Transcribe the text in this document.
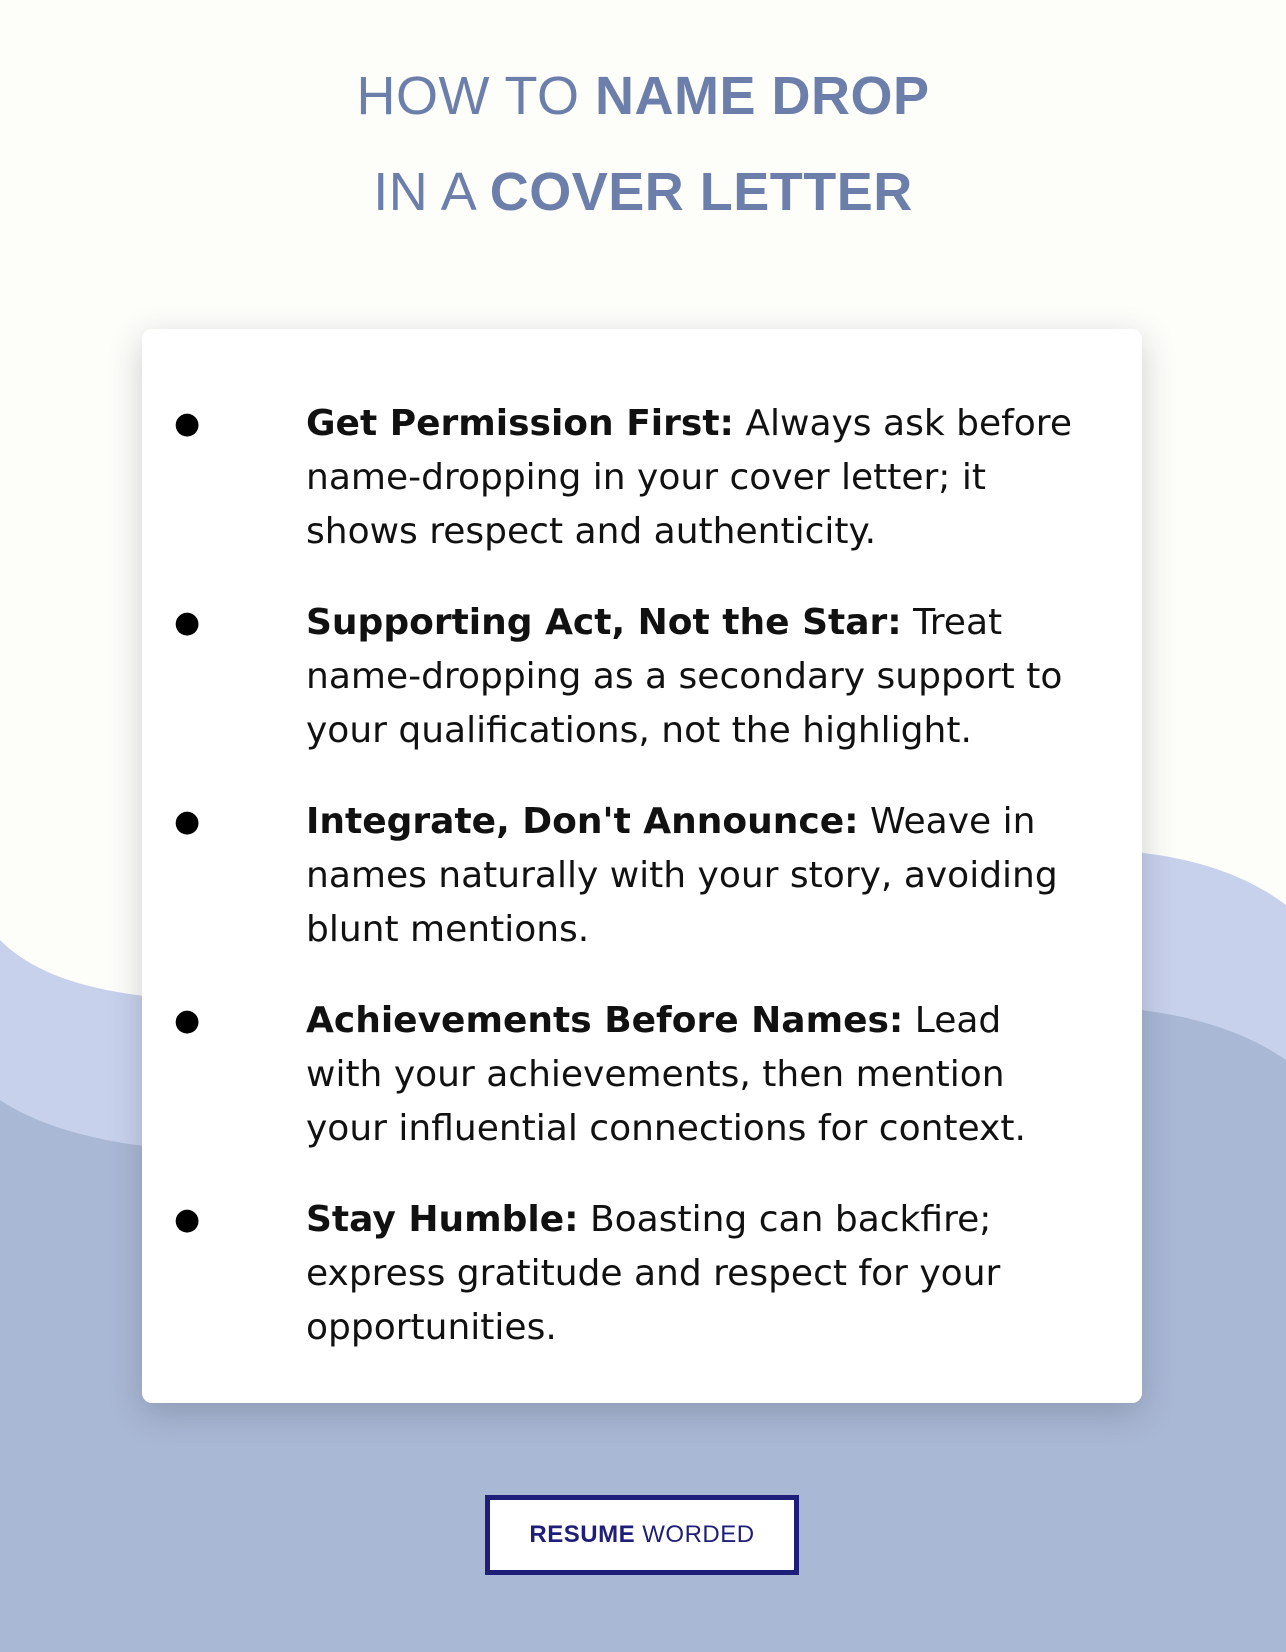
HOW TO NAME DROP
IN A COVER LETTER
●	Get Permission First: Always ask before name-dropping in your cover letter; it shows respect and authenticity.
●	Supporting Act, Not the Star: Treat name-dropping as a secondary support to your qualifications, not the highlight.
●	Integrate, Don't Announce: Weave in names naturally with your story, avoiding blunt mentions.
●	Achievements Before Names: Lead with your achievements, then mention your influential connections for context.
●	Stay Humble: Boasting can backfire; express gratitude and respect for your opportunities.
RESUME
WORDED
